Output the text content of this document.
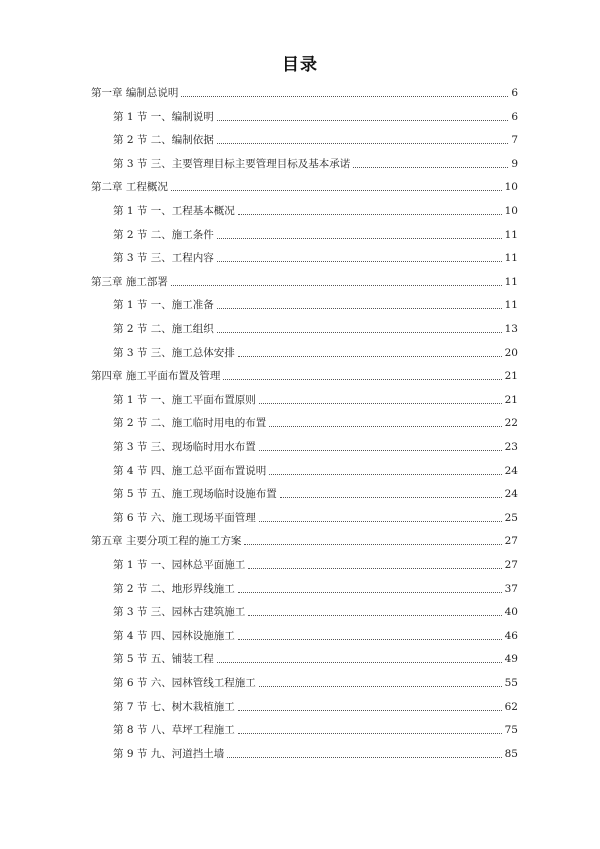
目录
第一章 编制总说明	6
第 1 节 一、编制说明	6
第 2 节 二、编制依据	7
第 3 节 三、主要管理目标主要管理目标及基本承诺	9
第二章 工程概况	10
第 1 节 一、工程基本概况	10
第 2 节 二、施工条件	11
第 3 节 三、工程内容	11
第三章 施工部署	11
第 1 节 一、施工准备	11
第 2 节 二、施工组织	13
第 3 节 三、施工总体安排	20
第四章 施工平面布置及管理	21
第 1 节 一、施工平面布置原则	21
第 2 节 二、施工临时用电的布置	22
第 3 节 三、现场临时用水布置	23
第 4 节 四、施工总平面布置说明	24
第 5 节 五、施工现场临时设施布置	24
第 6 节 六、施工现场平面管理	25
第五章 主要分项工程的施工方案	27
第 1 节 一、园林总平面施工	27
第 2 节 二、地形界线施工	37
第 3 节 三、园林古建筑施工	40
第 4 节 四、园林设施施工	46
第 5 节 五、铺装工程	49
第 6 节 六、园林管线工程施工	55
第 7 节 七、树木栽植施工	62
第 8 节 八、草坪工程施工	75
第 9 节 九、河道挡土墙	85
